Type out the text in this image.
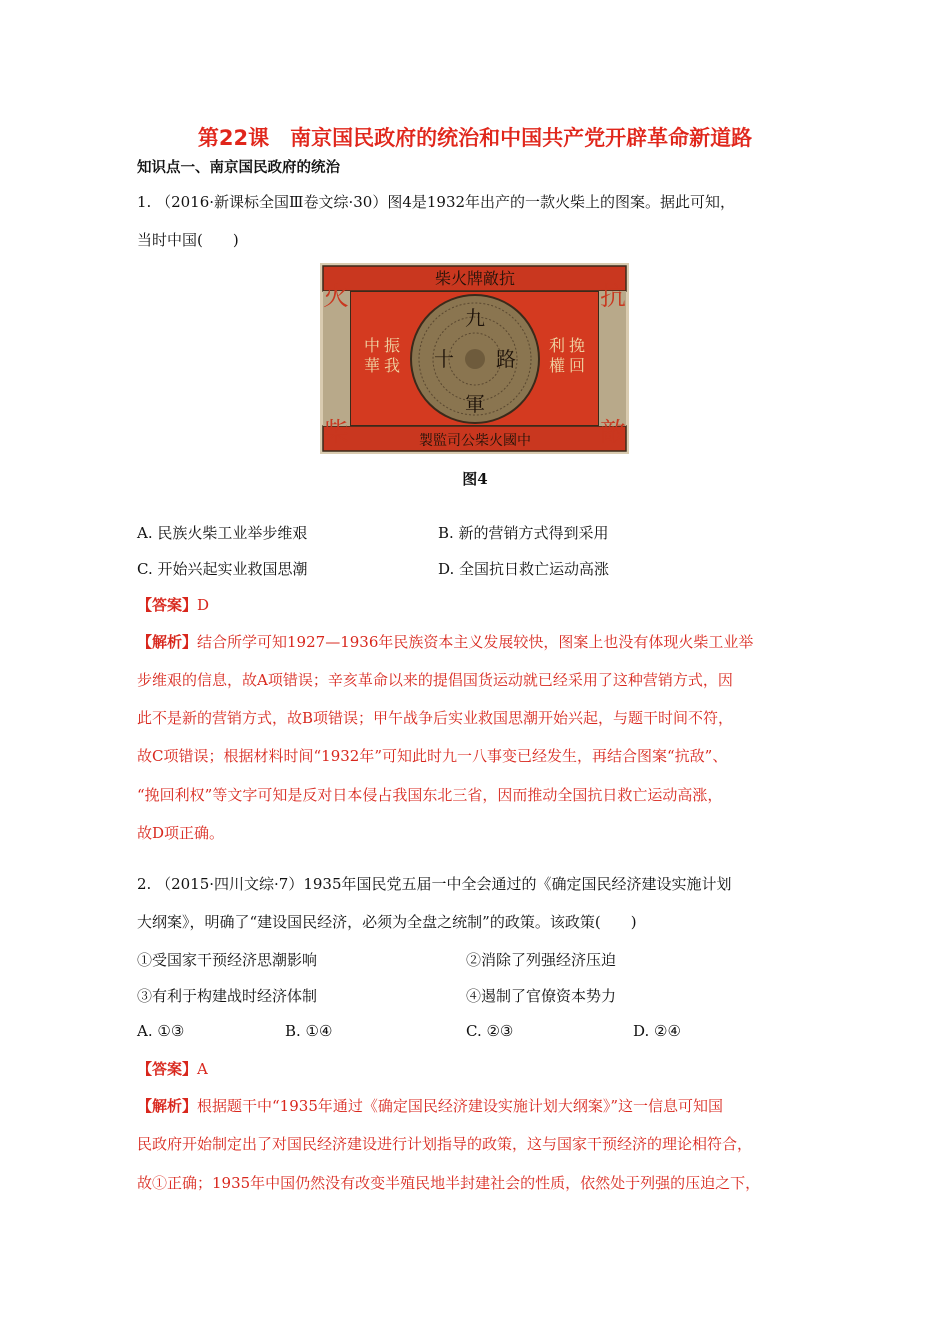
第22课　南京国民政府的统治和中国共产党开辟革命新道路
知识点一、南京国民政府的统治
1. （2016·新课标全国Ⅲ卷文综·30）图4是1932年出产的一款火柴上的图案。据此可知，
当时中国(　　)
柴火牌敵抗
製監司公柴火國中
火	抗
柴	敵
振
我
中
華
挽
回
利
權
九
十 路
軍
图4
A. 民族火柴工业举步维艰	B. 新的营销方式得到采用
C. 开始兴起实业救国思潮	D. 全国抗日救亡运动高涨
【答案】D
【解析】结合所学可知1927—1936年民族资本主义发展较快，图案上也没有体现火柴工业举
步维艰的信息，故A项错误；辛亥革命以来的提倡国货运动就已经采用了这种营销方式，因
此不是新的营销方式，故B项错误；甲午战争后实业救国思潮开始兴起，与题干时间不符，
故C项错误；根据材料时间“1932年”可知此时九一八事变已经发生，再结合图案“抗敌”、
“挽回利权”等文字可知是反对日本侵占我国东北三省，因而推动全国抗日救亡运动高涨，
故D项正确。
2. （2015·四川文综·7）1935年国民党五届一中全会通过的《确定国民经济建设实施计划
大纲案》，明确了“建设国民经济，必须为全盘之统制”的政策。该政策(　　)
①受国家干预经济思潮影响	②消除了列强经济压迫
③有利于构建战时经济体制	④遏制了官僚资本势力
A. ①③	B. ①④	C. ②③	D. ②④
【答案】A
【解析】根据题干中“1935年通过《确定国民经济建设实施计划大纲案》”这一信息可知国
民政府开始制定出了对国民经济建设进行计划指导的政策，这与国家干预经济的理论相符合，
故①正确；1935年中国仍然没有改变半殖民地半封建社会的性质，依然处于列强的压迫之下，
